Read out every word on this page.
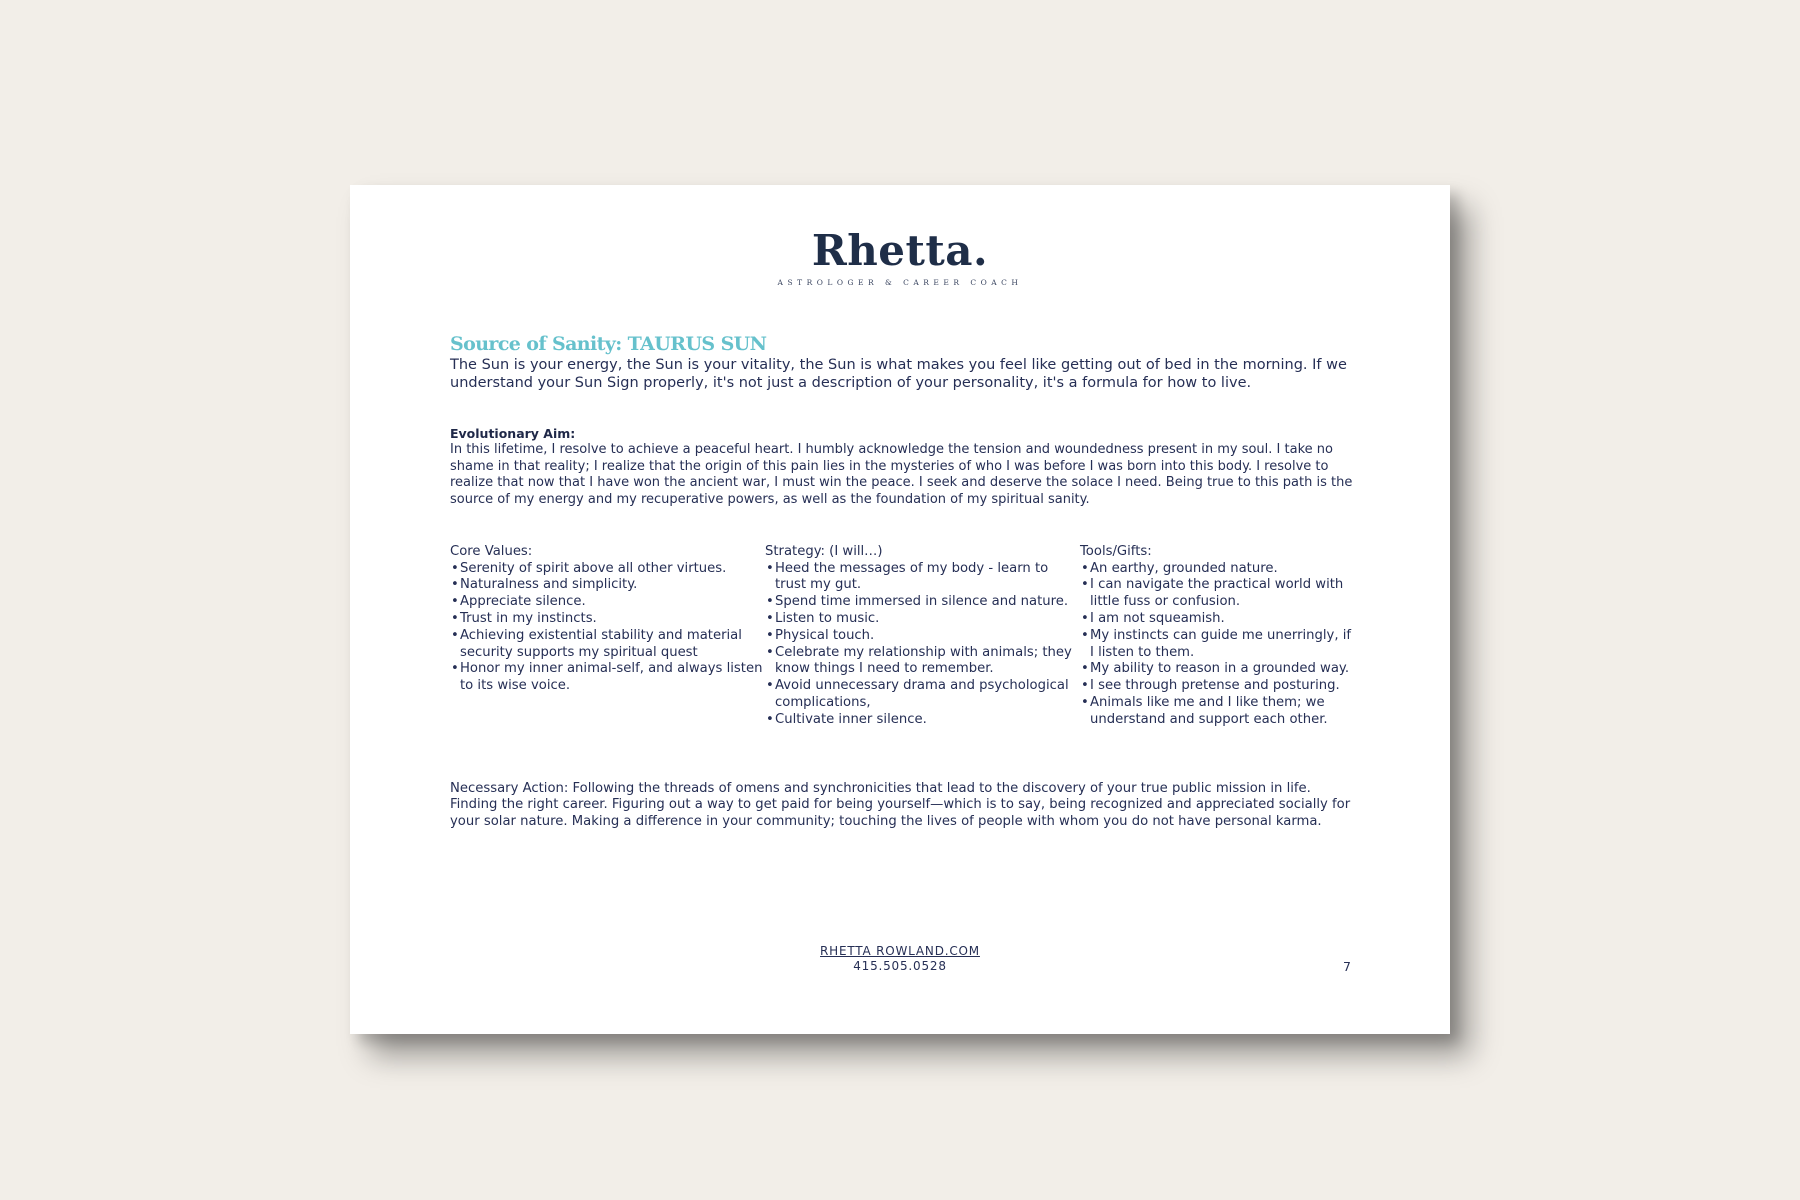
Rhetta.
ASTROLOGER & CAREER COACH
Source of Sanity: TAURUS SUN
The Sun is your energy, the Sun is your vitality, the Sun is what makes you feel like getting out of bed in the morning. If we understand your Sun Sign properly, it's not just a description of your personality, it's a formula for how to live.
Evolutionary Aim:
In this lifetime, I resolve to achieve a peaceful heart. I humbly acknowledge the tension and woundedness present in my soul. I take no shame in that reality; I realize that the origin of this pain lies in the mysteries of who I was before I was born into this body. I resolve to realize that now that I have won the ancient war, I must win the peace. I seek and deserve the solace I need. Being true to this path is the source of my energy and my recuperative powers, as well as the foundation of my spiritual sanity.
Core Values:
• Serenity of spirit above all other virtues.
• Naturalness and simplicity.
• Appreciate silence.
• Trust in my instincts.
• Achieving existential stability and material security supports my spiritual quest
• Honor my inner animal-self, and always listen to its wise voice.
Strategy: (I will…)
• Heed the messages of my body - learn to trust my gut.
• Spend time immersed in silence and nature.
• Listen to music.
• Physical touch.
• Celebrate my relationship with animals; they know things I need to remember.
• Avoid unnecessary drama and psychological complications,
• Cultivate inner silence.
Tools/Gifts:
• An earthy, grounded nature.
• I can navigate the practical world with little fuss or confusion.
• I am not squeamish.
• My instincts can guide me unerringly, if I listen to them.
• My ability to reason in a grounded way.
• I see through pretense and posturing.
• Animals like me and I like them; we understand and support each other.
Necessary Action: Following the threads of omens and synchronicities that lead to the discovery of your true public mission in life. Finding the right career. Figuring out a way to get paid for being yourself—which is to say, being recognized and appreciated socially for your solar nature. Making a difference in your community; touching the lives of people with whom you do not have personal karma.
RHETTA ROWLAND.COM
415.505.0528	7
